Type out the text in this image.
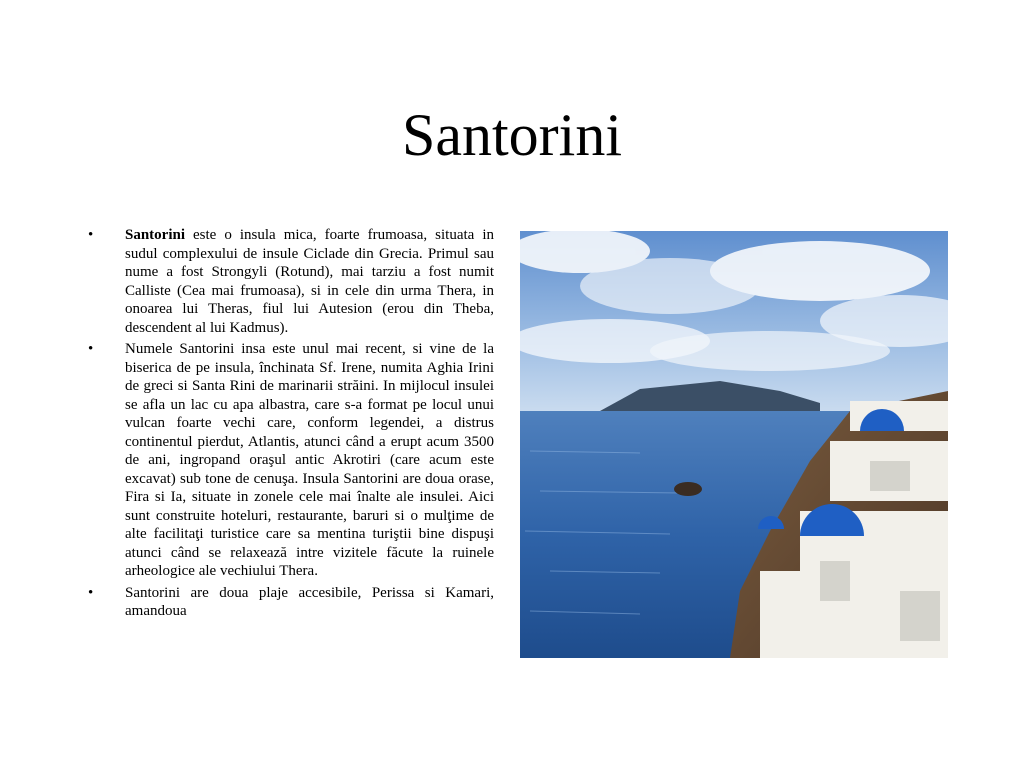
Santorini
•	Santorini este o insula mica, foarte frumoasa, situata in sudul complexului de insule Ciclade din Grecia. Primul sau nume a fost Strongyli (Rotund), mai tarziu a fost numit Calliste (Cea mai frumoasa), si in cele din urma Thera, in onoarea lui Theras, fiul lui Autesion (erou din Theba, descendent al lui Kadmus).
•	Numele Santorini insa este unul mai recent, si vine de la biserica de pe insula, închinata Sf. Irene, numita Aghia Irini de greci si Santa Rini de marinarii străini. In mijlocul insulei se afla un lac cu apa albastra, care s-a format pe locul unui vulcan foarte vechi care, conform legendei, a distrus continentul pierdut, Atlantis, atunci când a erupt acum 3500 de ani, ingropand oraşul antic Akrotiri (care acum este excavat) sub tone de cenuşa. Insula Santorini are doua orase, Fira si Ia, situate in zonele cele mai înalte ale insulei. Aici sunt construite hoteluri, restaurante, baruri si o mulţime de alte facilitaţi turistice care sa mentina turiştii bine dispuşi atunci când se relaxează intre vizitele făcute la ruinele arheologice ale vechiului Thera.
•	Santorini are doua plaje accesibile, Perissa si Kamari, amandoua
